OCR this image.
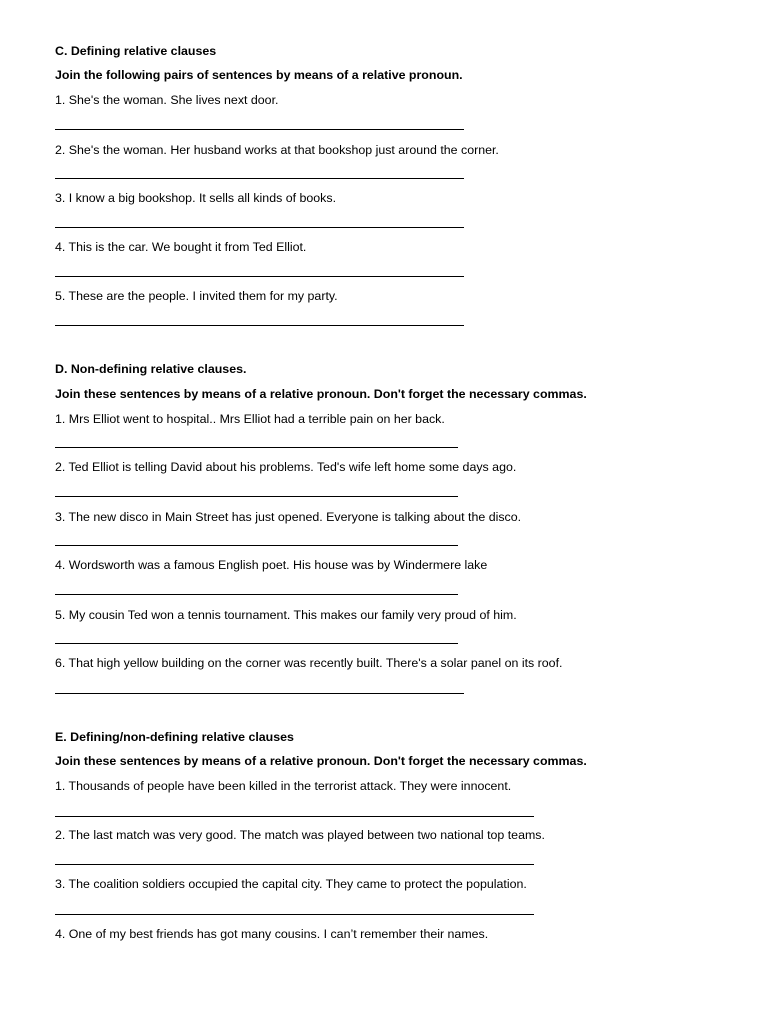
C. Defining relative clauses
Join the following pairs of sentences by means of a relative pronoun.
1. She's the woman. She lives next door.
2. She's the woman. Her husband works at that bookshop just around the corner.
3. I know a big bookshop. It sells all kinds of books.
4. This is the car. We bought it from Ted Elliot.
5. These are the people. I invited them for my party.
D. Non-defining relative clauses.
Join these sentences by means of a relative pronoun. Don't forget the necessary commas.
1. Mrs Elliot went to hospital.. Mrs Elliot had a terrible pain on her back.
2. Ted Elliot is telling David about his problems. Ted's wife left home some days ago.
3. The new disco in Main Street has just opened. Everyone is talking about the disco.
4. Wordsworth was a famous English poet. His house was by Windermere lake
5. My cousin Ted won a tennis tournament. This makes our family very proud of him.
6. That high yellow building on the corner was recently built. There's a solar panel on its roof.
E. Defining/non-defining relative clauses
Join these sentences by means of a relative pronoun. Don't forget the necessary commas.
1. Thousands of people have been killed in the terrorist attack. They were innocent.
2. The last match was very good. The match was played between two national top teams.
3. The coalition soldiers occupied the capital city. They came to protect the population.
4. One of my best friends has got many cousins. I can’t remember their names.
